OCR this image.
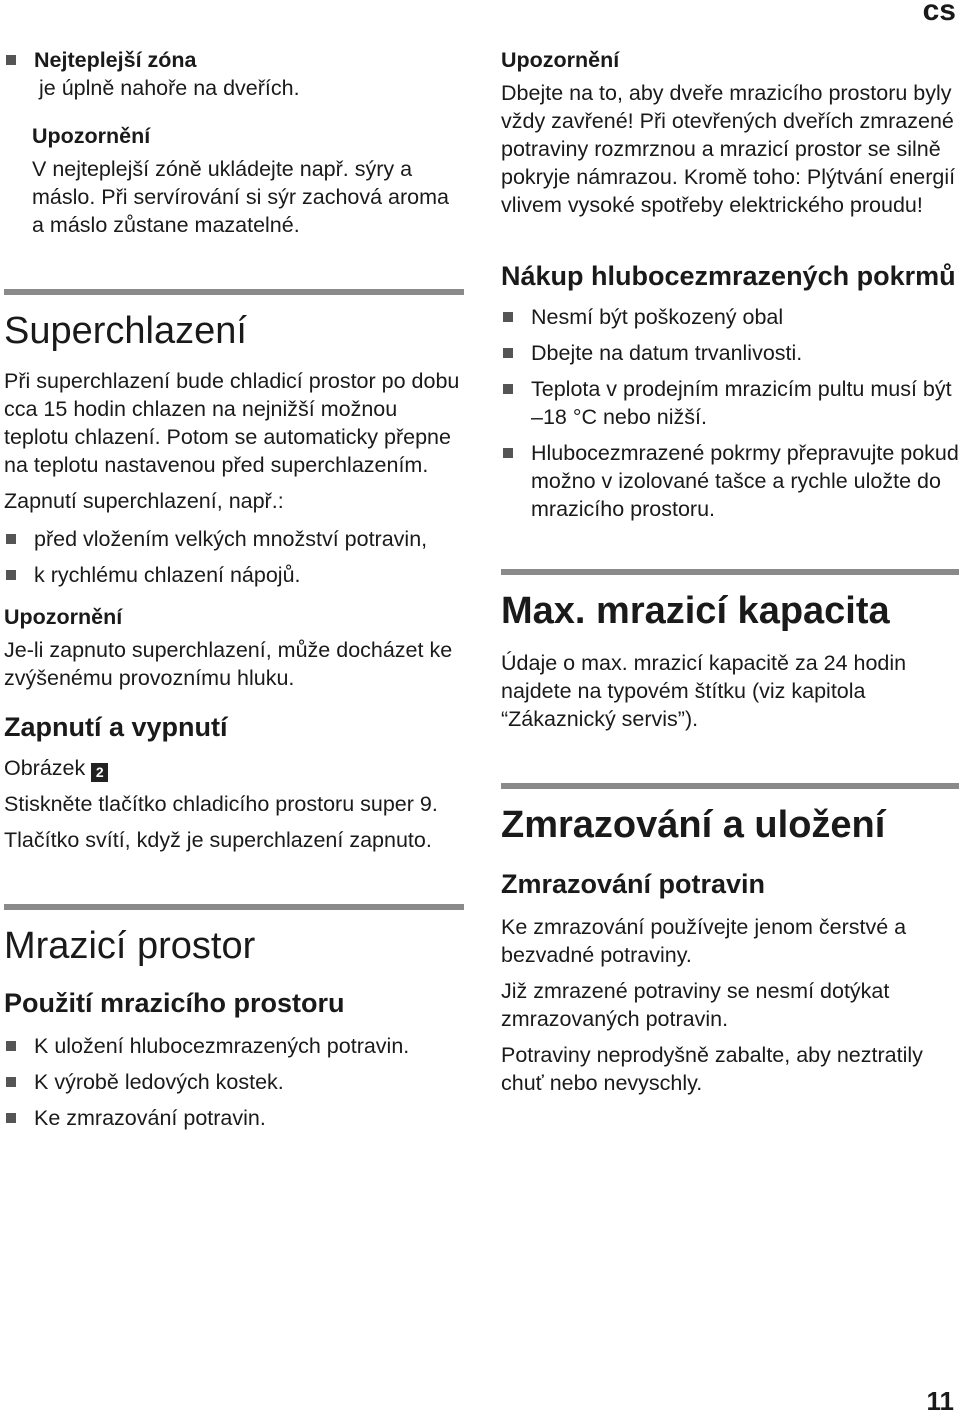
cs
Nejteplejší zóna
je úplně nahoře na dveřích.
Upozornění

V nejteplejší zóně ukládejte např. sýry a máslo. Při servírování si sýr zachová aroma a máslo zůstane mazatelné.

Superchlazení

Při superchlazení bude chladicí prostor po dobu cca 15 hodin chlazen na nejnižší možnou teplotu chlazení. Potom se automaticky přepne na teplotu nastavenou před superchlazením.

Zapnutí superchlazení, např.:

před vložením velkých množství potravin,
k rychlému chlazení nápojů.
Upozornění

Je-li zapnuto superchlazení, může docházet ke zvýšenému provoznímu hluku.

Zapnutí a vypnutí

Obrázek 2

Stiskněte tlačítko chladicího prostoru super 9.

Tlačítko svítí, když je superchlazení zapnuto.

Mrazicí prostor
Použití mrazicího prostoru
K uložení hlubocezmrazených potravin.
K výrobě ledových kostek.
Ke zmrazování potravin.
Upozornění

Dbejte na to, aby dveře mrazicího prostoru byly vždy zavřené! Při otevřených dveřích zmrazené potraviny rozmrznou a mrazicí prostor se silně pokryje námrazou. Kromě toho: Plýtvání energií vlivem vysoké spotřeby elektrického proudu!

Nákup hlubocezmrazených pokrmů
Nesmí být poškozený obal
Dbejte na datum trvanlivosti.
Teplota v prodejním mrazicím pultu musí být –18 °C nebo nižší.
Hlubocezmrazené pokrmy přepravujte pokud možno v izolované tašce a rychle uložte do mrazicího prostoru.
Max. mrazicí kapacita

Údaje o max. mrazicí kapacitě za 24 hodin najdete na typovém štítku (viz kapitola “Zákaznický servis”).

Zmrazování a uložení
Zmrazování potravin

Ke zmrazování používejte jenom čerstvé a bezvadné potraviny.

Již zmrazené potraviny se nesmí dotýkat zmrazovaných potravin.

Potraviny neprodyšně zabalte, aby neztratily chuť nebo nevyschly.

11
